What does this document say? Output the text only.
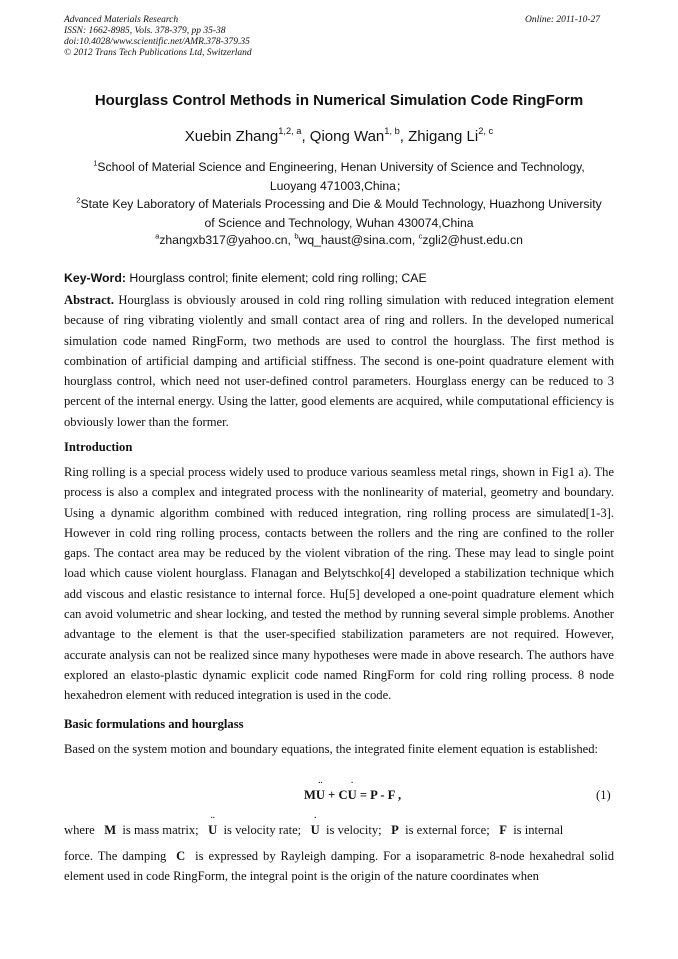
Advanced Materials Research	Online: 2011-10-27
ISSN: 1662-8985, Vols. 378-379, pp 35-38
doi:10.4028/www.scientific.net/AMR.378-379.35
© 2012 Trans Tech Publications Ltd, Switzerland
Hourglass Control Methods in Numerical Simulation Code RingForm
Xuebin Zhang$^{1,2, a}$, Qiong Wan$^{1, b}$, Zhigang Li$^{2, c}$
$^1$School of Material Science and Engineering, Henan University of Science and Technology,
Luoyang 471003,China；
$^2$State Key Laboratory of Materials Processing and Die & Mould Technology, Huazhong University
of Science and Technology, Wuhan 430074,China
$^a$zhangxb317@yahoo.cn, $^b$wq_haust@sina.com, $^c$zgli2@hust.edu.cn
Key-Word: Hourglass control; finite element; cold ring rolling; CAE
Abstract. Hourglass is obviously aroused in cold ring rolling simulation with reduced integration element because of ring vibrating violently and small contact area of ring and rollers. In the developed numerical simulation code named RingForm, two methods are used to control the hourglass. The first method is combination of artificial damping and artificial stiffness. The second is one-point quadrature element with hourglass control, which need not user-defined control parameters. Hourglass energy can be reduced to 3 percent of the internal energy. Using the latter, good elements are acquired, while computational efficiency is obviously lower than the former.
Introduction
Ring rolling is a special process widely used to produce various seamless metal rings, shown in Fig1 a). The process is also a complex and integrated process with the nonlinearity of material, geometry and boundary. Using a dynamic algorithm combined with reduced integration, ring rolling process are simulated[1-3]. However in cold ring rolling process, contacts between the rollers and the ring are confined to the roller gaps. The contact area may be reduced by the violent vibration of the ring. These may lead to single point load which cause violent hourglass. Flanagan and Belytschko[4] developed a stabilization technique which add viscous and elastic resistance to internal force. Hu[5] developed a one-point quadrature element which can avoid volumetric and shear locking, and tested the method by running several simple problems. Another advantage to the element is that the user-specified stabilization parameters are not required. However, accurate analysis can not be realized since many hypotheses were made in above research. The authors have explored an elasto-plastic dynamic explicit code named RingForm for cold ring rolling process. 8 node hexahedron element with reduced integration is used in the code.
Basic formulations and hourglass
Based on the system motion and boundary equations, the integrated finite element equation is established:
M¨ U + C˙ U = P - F ,	(1)
where M is mass matrix; ¨ U is velocity rate; ˙ U is velocity; P is external force; F is internal
force. The damping C is expressed by Rayleigh damping. For a isoparametric 8-node hexahedral solid element used in code RingForm, the integral point is the origin of the nature coordinates when
